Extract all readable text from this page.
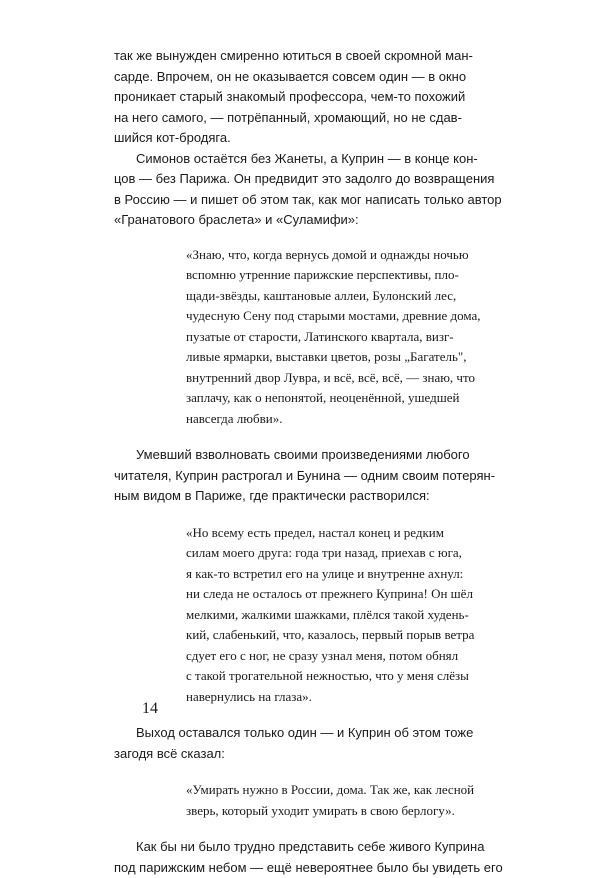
так же вынужден смиренно ютиться в своей скромной ман-
сарде. Впрочем, он не оказывается совсем один — в окно
проникает старый знакомый профессора, чем-то похожий
на него самого, — потрёпанный, хромающий, но не сдав-
шийся кот-бродяга.
Симонов остаётся без Жанеты, а Куприн — в конце кон-
цов — без Парижа. Он предвидит это задолго до возвращения
в Россию — и пишет об этом так, как мог написать только автор
«Гранатового браслета» и «Суламифи»:
«Знаю, что, когда вернусь домой и однажды ночью
вспомню утренние парижские перспективы, пло-
щади-звёзды, каштановые аллеи, Булонский лес,
чудесную Сену под старыми мостами, древние дома,
пузатые от старости, Латинского квартала, визг-
ливые ярмарки, выставки цветов, розы „Багатель",
внутренний двор Лувра, и всё, всё, всё, — знаю, что
заплачу, как о непонятой, неоценённой, ушедшей
навсегда любви».
Умевший взволновать своими произведениями любого
читателя, Куприн растрогал и Бунина — одним своим потерян-
ным видом в Париже, где практически растворился:
«Но всему есть предел, настал конец и редким
силам моего друга: года три назад, приехав с юга,
я как-то встретил его на улице и внутренне ахнул:
ни следа не осталось от прежнего Куприна! Он шёл
мелкими, жалкими шажками, плёлся такой худень-
кий, слабенький, что, казалось, первый порыв ветра
сдует его с ног, не сразу узнал меня, потом обнял
с такой трогательной нежностью, что у меня слёзы
навернулись на глаза».
Выход оставался только один — и Куприн об этом тоже
загодя всё сказал:
«Умирать нужно в России, дома. Так же, как лесной
зверь, который уходит умирать в свою берлогу».
Как бы ни было трудно представить себе живого Куприна
под парижским небом — ещё невероятнее было бы увидеть его
14
